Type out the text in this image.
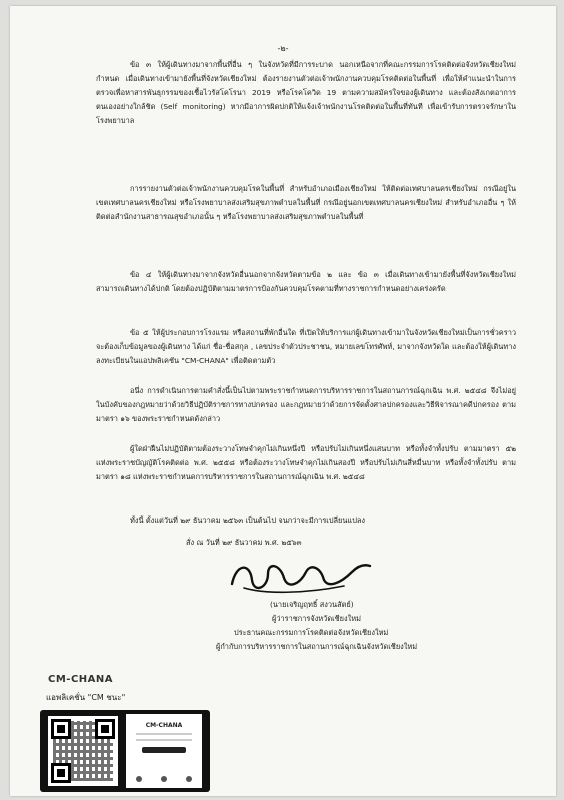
-๒-
ข้อ ๓ ให้ผู้เดินทางมาจากพื้นที่อื่น ๆ ในจังหวัดที่มีการระบาด นอกเหนือจากที่คณะกรรมการโรคติดต่อจังหวัดเชียงใหม่กำหนด เมื่อเดินทางเข้ามายังพื้นที่จังหวัดเชียงใหม่ ต้องรายงานตัวต่อเจ้าพนักงานควบคุมโรคติดต่อในพื้นที่ เพื่อให้คำแนะนำในการตรวจเพื่อหาสารพันธุกรรมของเชื้อไวรัสโคโรนา 2019 หรือโรคโควิด 19 ตามความสมัครใจของผู้เดินทาง และต้องสังเกตอาการตนเองอย่างใกล้ชิด (Self monitoring) หากมีอาการผิดปกติให้แจ้งเจ้าพนักงานโรคติดต่อในพื้นที่ทันที เพื่อเข้ารับการตรวจรักษาในโรงพยาบาล
การรายงานตัวต่อเจ้าพนักงานควบคุมโรคในพื้นที่ สำหรับอำเภอเมืองเชียงใหม่ ให้ติดต่อเทศบาลนครเชียงใหม่ กรณีอยู่ในเขตเทศบาลนครเชียงใหม่ หรือโรงพยาบาลส่งเสริมสุขภาพตำบลในพื้นที่ กรณีอยู่นอกเขตเทศบาลนครเชียงใหม่ สำหรับอำเภออื่น ๆ ให้ติดต่อสำนักงานสาธารณสุขอำเภอนั้น ๆ หรือโรงพยาบาลส่งเสริมสุขภาพตำบลในพื้นที่
ข้อ ๔ ให้ผู้เดินทางมาจากจังหวัดอื่นนอกจากจังหวัดตามข้อ ๒ และ ข้อ ๓ เมื่อเดินทางเข้ามายังพื้นที่จังหวัดเชียงใหม่ สามารถเดินทางได้ปกติ โดยต้องปฏิบัติตามมาตรการป้องกันควบคุมโรคตามที่ทางราชการกำหนดอย่างเคร่งครัด
ข้อ ๕ ให้ผู้ประกอบการโรงแรม หรือสถานที่พักอื่นใด ที่เปิดให้บริการแก่ผู้เดินทางเข้ามาในจังหวัดเชียงใหม่เป็นการชั่วคราว จะต้องเก็บข้อมูลของผู้เดินทาง ได้แก่ ชื่อ-ชื่อสกุล , เลขประจำตัวประชาชน, หมายเลขโทรศัพท์, มาจากจังหวัดใด และต้องให้ผู้เดินทางลงทะเบียนในแอปพลิเคชัน "CM-CHANA" เพื่อติดตามตัว
อนึ่ง การดำเนินการตามคำสั่งนี้เป็นไปตามพระราชกำหนดการบริหารราชการในสถานการณ์ฉุกเฉิน พ.ศ. ๒๕๔๘ จึงไม่อยู่ในบังคับของกฎหมายว่าด้วยวิธีปฏิบัติราชการทางปกครอง และกฎหมายว่าด้วยการจัดตั้งศาลปกครองและวิธีพิจารณาคดีปกครอง ตามมาตรา ๑๖ ของพระราชกำหนดดังกล่าว
ผู้ใดฝ่าฝืนไม่ปฏิบัติตามต้องระวางโทษจำคุกไม่เกินหนึ่งปี หรือปรับไม่เกินหนึ่งแสนบาท หรือทั้งจำทั้งปรับ ตามมาตรา ๕๒ แห่งพระราชบัญญัติโรคติดต่อ พ.ศ. ๒๕๕๘ หรือต้องระวางโทษจำคุกไม่เกินสองปี หรือปรับไม่เกินสี่หมื่นบาท หรือทั้งจำทั้งปรับ ตามมาตรา ๑๘ แห่งพระราชกำหนดการบริหารราชการในสถานการณ์ฉุกเฉิน พ.ศ. ๒๕๔๘
ทั้งนี้ ตั้งแต่วันที่ ๒๙ ธันวาคม ๒๕๖๓ เป็นต้นไป จนกว่าจะมีการเปลี่ยนแปลง
สั่ง ณ วันที่ ๒๙ ธันวาคม พ.ศ. ๒๕๖๓
(นายเจริญฤทธิ์ สงวนสัตย์)
ผู้ว่าราชการจังหวัดเชียงใหม่
ประธานคณะกรรมการโรคติดต่อจังหวัดเชียงใหม่
ผู้กำกับการบริหารราชการในสถานการณ์ฉุกเฉินจังหวัดเชียงใหม่
CM-CHANA
แอพลิเคชั่น "CM ชนะ"
CM-CHANA
